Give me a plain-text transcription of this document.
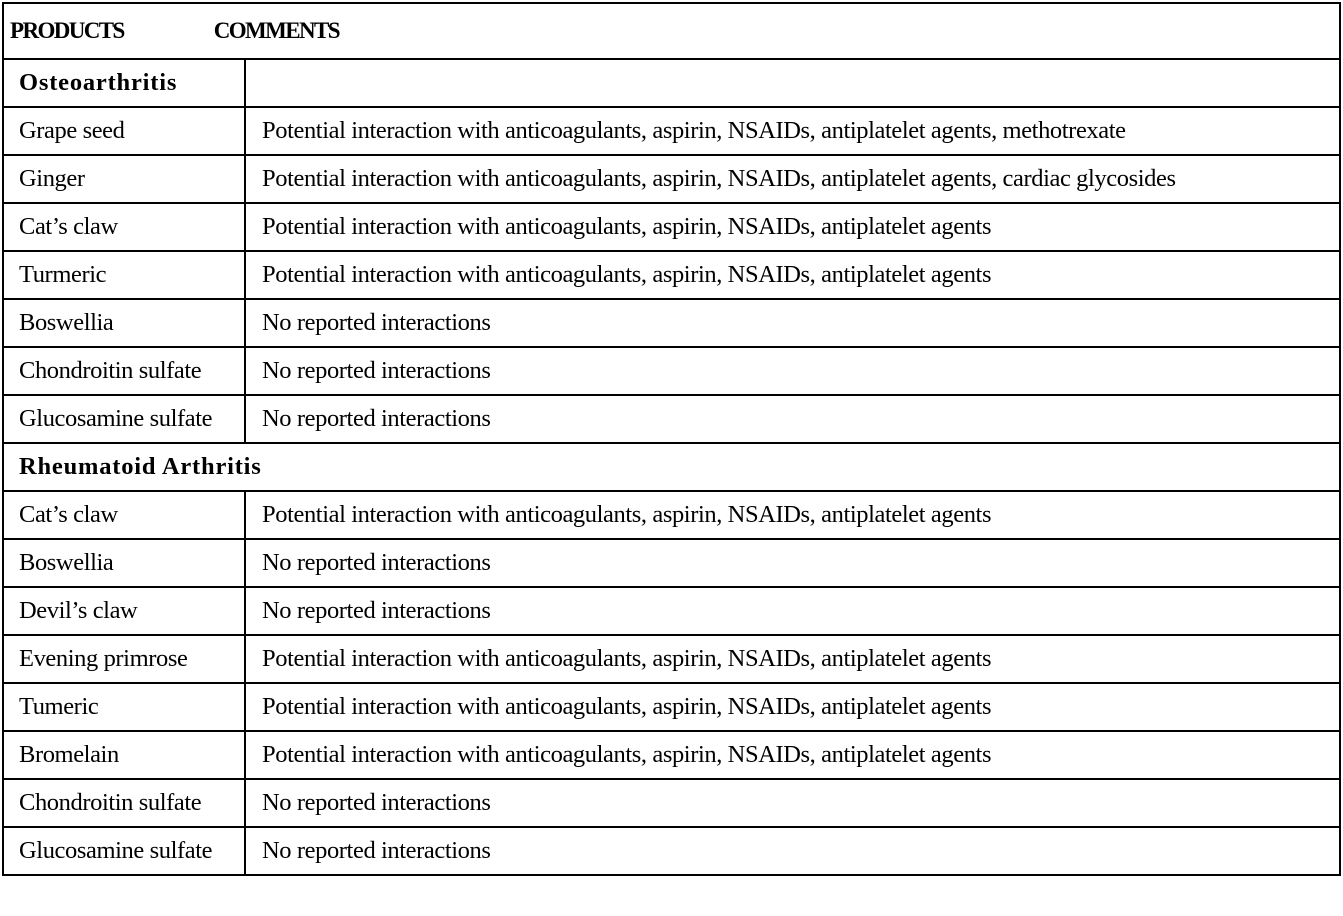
PRODUCTS COMMENTS	
Osteoarthritis	
Grape seed	Potential interaction with anticoagulants, aspirin, NSAIDs, antiplatelet agents, methotrexate
Ginger	Potential interaction with anticoagulants, aspirin, NSAIDs, antiplatelet agents, cardiac glycosides
Cat’s claw	Potential interaction with anticoagulants, aspirin, NSAIDs, antiplatelet agents
Turmeric	Potential interaction with anticoagulants, aspirin, NSAIDs, antiplatelet agents
Boswellia	No reported interactions
Chondroitin sulfate	No reported interactions
Glucosamine sulfate	No reported interactions
Rheumatoid Arthritis	
Cat’s claw	Potential interaction with anticoagulants, aspirin, NSAIDs, antiplatelet agents
Boswellia	No reported interactions
Devil’s claw	No reported interactions
Evening primrose	Potential interaction with anticoagulants, aspirin, NSAIDs, antiplatelet agents
Tumeric	Potential interaction with anticoagulants, aspirin, NSAIDs, antiplatelet agents
Bromelain	Potential interaction with anticoagulants, aspirin, NSAIDs, antiplatelet agents
Chondroitin sulfate	No reported interactions
Glucosamine sulfate	No reported interactions
